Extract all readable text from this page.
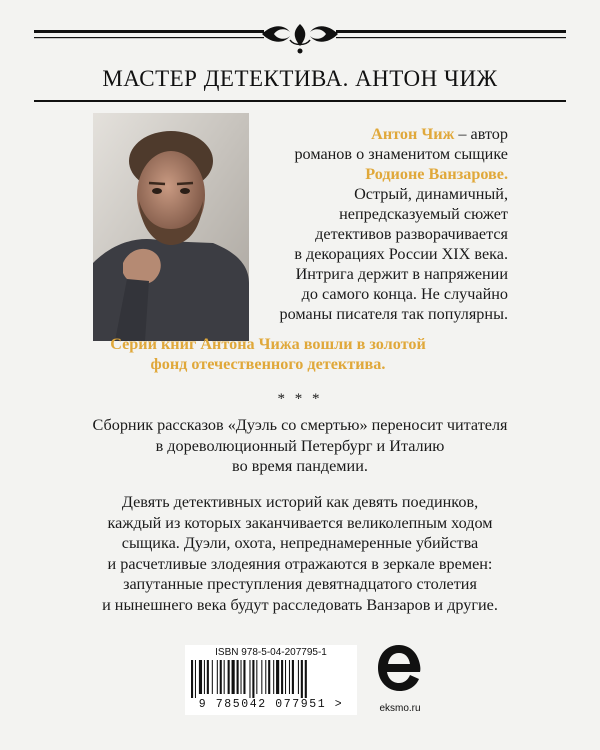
МАСТЕР ДЕТЕКТИВА. АНТОН ЧИЖ
Антон Чиж – автор
романов о знаменитом сыщике
Родионе Ванзарове.
Острый, динамичный,
непредсказуемый сюжет
детективов разворачивается
в декорациях России XIX века.
Интрига держит в напряжении
до самого конца. Не случайно
романы писателя так популярны.
Серии книг Антона Чижа вошли в золотой
фонд отечественного детектива.
* * *
Сборник рассказов «Дуэль со смертью» переносит читателя
в дореволюционный Петербург и Италию
во время пандемии.
Девять детективных историй как девять поединков,
каждый из которых заканчивается великолепным ходом
сыщика. Дуэли, охота, непреднамеренные убийства
и расчетливые злодеяния отражаются в зеркале времен:
запутанные преступления девятнадцатого столетия
и нынешнего века будут расследовать Ванзаров и другие.
ISBN 978-5-04-207795-1
9 785042 077951 >	eksmo.ru
